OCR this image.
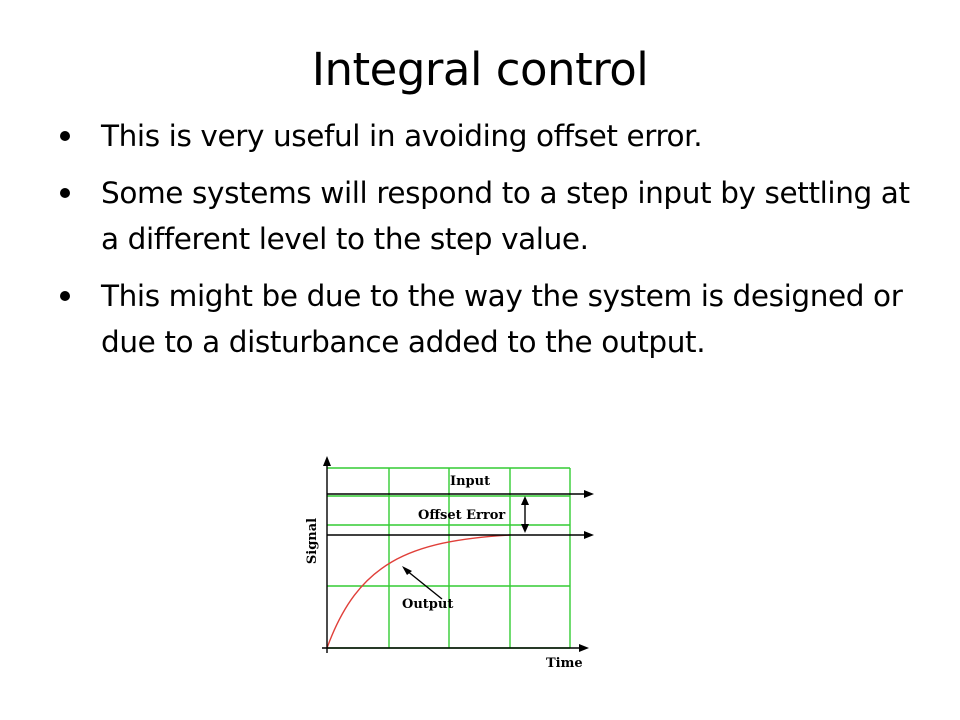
Integral control
This is very useful in avoiding offset error.
Some systems will respond to a step input by settling at a different level to the step value.
This might be due to the way the system is designed or due to a disturbance added to the output.
Input
Offset Error
Output
Time
Signal
